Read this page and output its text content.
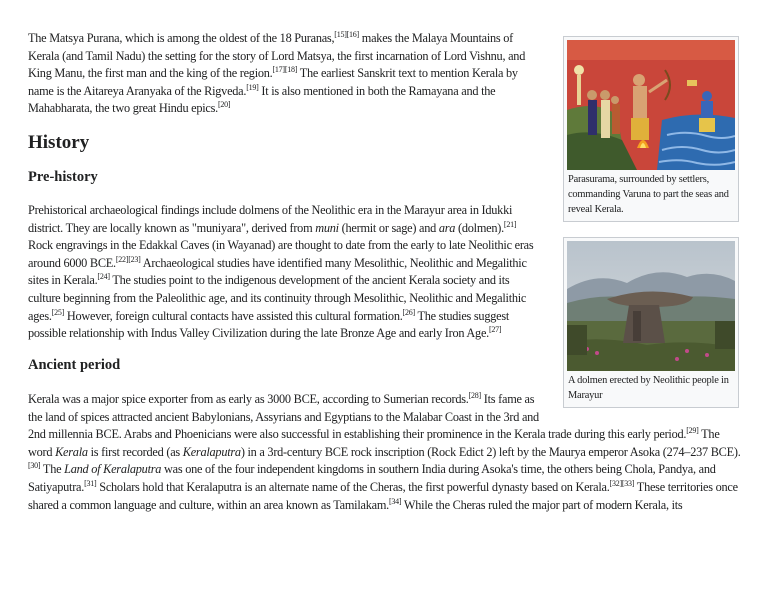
The Matsya Purana, which is among the oldest of the 18 Puranas,[15][16] makes the Malaya Mountains of Kerala (and Tamil Nadu) the setting for the story of Lord Matsya, the first incarnation of Lord Vishnu, and King Manu, the first man and the king of the region.[17][18] The earliest Sanskrit text to mention Kerala by name is the Aitareya Aranyaka of the Rigveda.[19] It is also mentioned in both the Ramayana and the Mahabharata, the two great Hindu epics.[20]

History
Pre-history

Prehistorical archaeological findings include dolmens of the Neolithic era in the Marayur area in Idukki district. They are locally known as "muniyara", derived from muni (hermit or sage) and ara (dolmen).[21] Rock engravings in the Edakkal Caves (in Wayanad) are thought to date from the early to late Neolithic eras around 6000 BCE.[22][23] Archaeological studies have identified many Mesolithic, Neolithic and Megalithic sites in Kerala.[24] The studies point to the indigenous development of the ancient Kerala society and its culture beginning from the Paleolithic age, and its continuity through Mesolithic, Neolithic and Megalithic ages.[25] However, foreign cultural contacts have assisted this cultural formation.[26] The studies suggest possible relationship with Indus Valley Civilization during the late Bronze Age and early Iron Age.[27]

Ancient period

Kerala was a major spice exporter from as early as 3000 BCE, according to Sumerian records.[28] Its fame as the land of spices attracted ancient Babylonians, Assyrians and Egyptians to the Malabar Coast in the 3rd and 2nd millennia BCE. Arabs and Phoenicians were also successful in establishing their prominence in the Kerala trade during this early period.[29] The word Kerala is first recorded (as Keralaputra) in a 3rd-century BCE rock inscription (Rock Edict 2) left by the Maurya emperor Asoka (274–237 BCE).[30] The Land of Keralaputra was one of the four independent kingdoms in southern India during Asoka's time, the others being Chola, Pandya, and Satiyaputra.[31] Scholars hold that Keralaputra is an alternate name of the Cheras, the first powerful dynasty based on Kerala.[32][33] These territories once shared a common language and culture, within an area known as Tamilakam.[34] While the Cheras ruled the major part of modern Kerala, its

Parasurama, surrounded by settlers, commanding Varuna to part the seas and reveal Kerala.
A dolmen erected by Neolithic people in Marayur
